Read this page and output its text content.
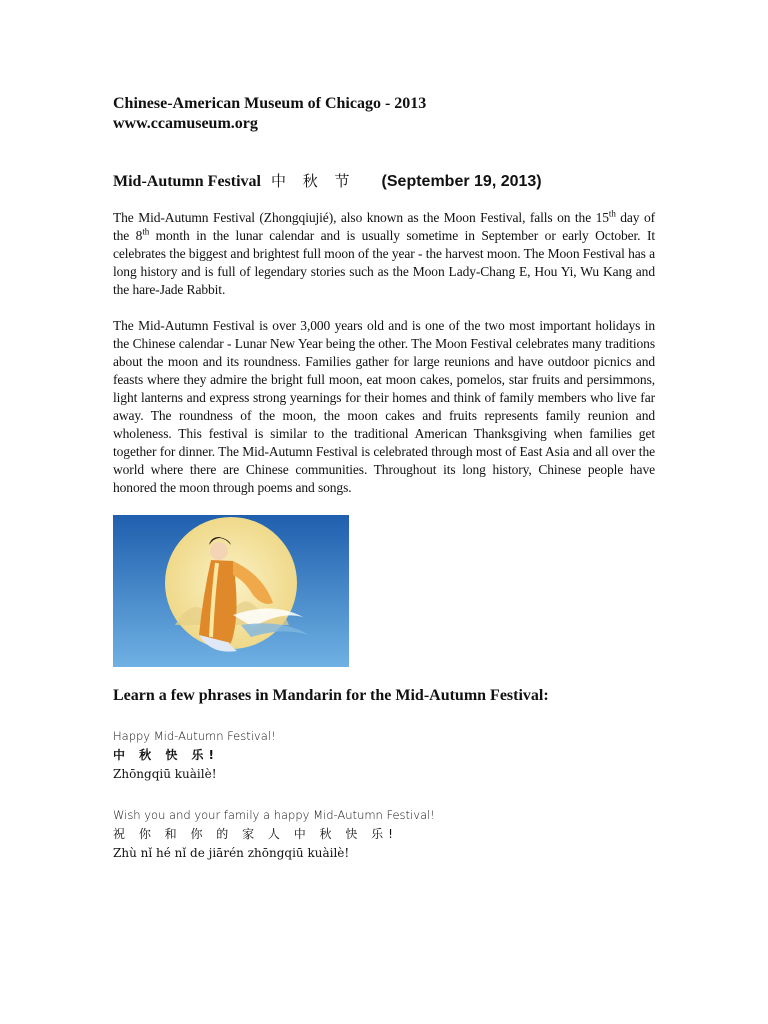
Chinese-American Museum of Chicago - 2013

www.ccamuseum.org

Mid-Autumn Festival 中 秋 节 (September 19, 2013)

The Mid-Autumn Festival (Zhongqiujié), also known as the Moon Festival, falls on the 15th day of the 8th month in the lunar calendar and is usually sometime in September or early October. It celebrates the biggest and brightest full moon of the year - the harvest moon. The Moon Festival has a long history and is full of legendary stories such as the Moon Lady-Chang E, Hou Yi, Wu Kang and the hare-Jade Rabbit.

The Mid-Autumn Festival is over 3,000 years old and is one of the two most important holidays in the Chinese calendar - Lunar New Year being the other. The Moon Festival celebrates many traditions about the moon and its roundness. Families gather for large reunions and have outdoor picnics and feasts where they admire the bright full moon, eat moon cakes, pomelos, star fruits and persimmons, light lanterns and express strong yearnings for their homes and think of family members who live far away. The roundness of the moon, the moon cakes and fruits represents family reunion and wholeness. This festival is similar to the traditional American Thanksgiving when families get together for dinner. The Mid-Autumn Festival is celebrated through most of East Asia and all over the world where there are Chinese communities. Throughout its long history, Chinese people have honored the moon through poems and songs.

Learn a few phrases in Mandarin for the Mid-Autumn Festival:
Happy Mid-Autumn Festival!
中 秋 快 乐!
Zhōngqiū kuàilè!
Wish you and your family a happy Mid-Autumn Festival!
祝 你 和 你 的 家 人 中 秋 快 乐!
Zhù nǐ hé nǐ de jiārén zhōngqiū kuàilè!
